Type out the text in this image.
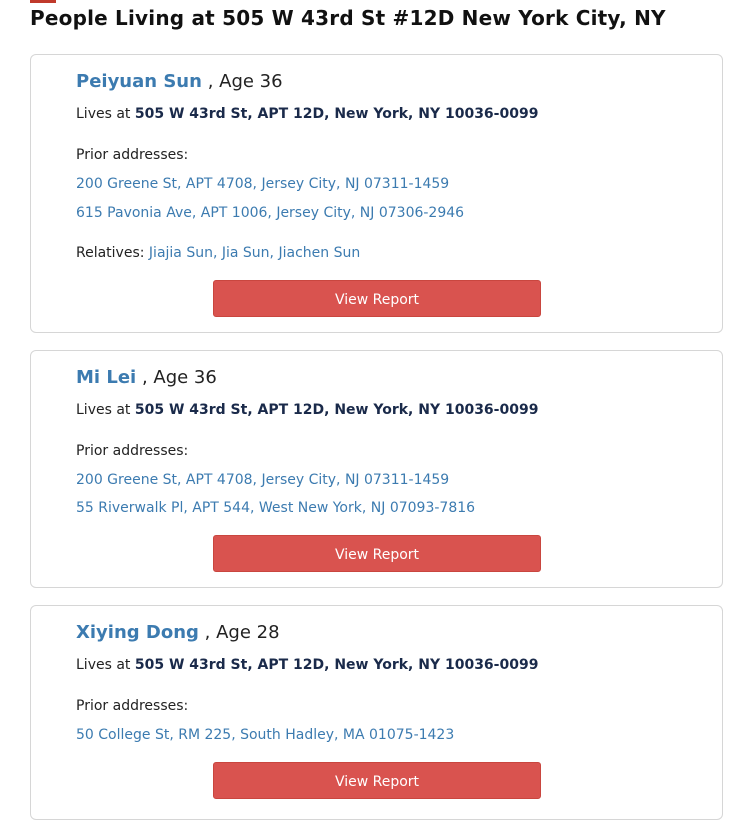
People Living at 505 W 43rd St #12D New York City, NY
Peiyuan Sun , Age 36
Lives at 505 W 43rd St, APT 12D, New York, NY 10036-0099
Prior addresses:
200 Greene St, APT 4708, Jersey City, NJ 07311-1459
615 Pavonia Ave, APT 1006, Jersey City, NJ 07306-2946
Relatives: Jiajia Sun, Jia Sun, Jiachen Sun
View Report
Mi Lei , Age 36
Lives at 505 W 43rd St, APT 12D, New York, NY 10036-0099
Prior addresses:
200 Greene St, APT 4708, Jersey City, NJ 07311-1459
55 Riverwalk Pl, APT 544, West New York, NJ 07093-7816
View Report
Xiying Dong , Age 28
Lives at 505 W 43rd St, APT 12D, New York, NY 10036-0099
Prior addresses:
50 College St, RM 225, South Hadley, MA 01075-1423
View Report
